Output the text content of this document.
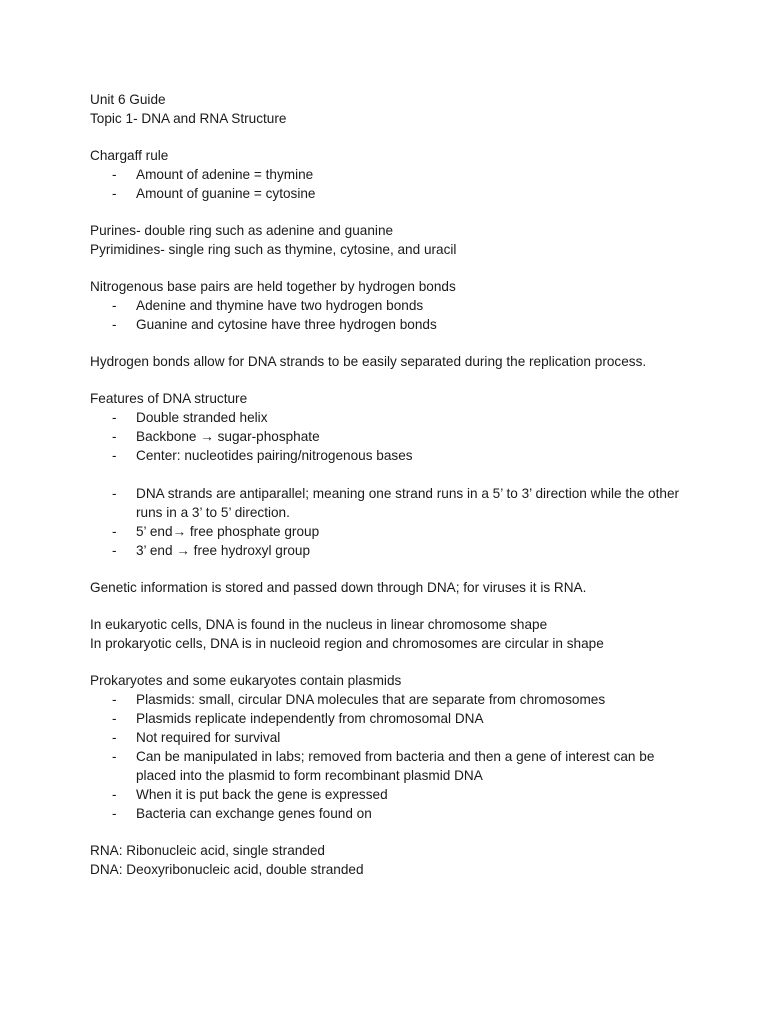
Unit 6 Guide

Topic 1- DNA and RNA Structure

Chargaff rule

- Amount of adenine = thymine
- Amount of guanine = cytosine

Purines- double ring such as adenine and guanine

Pyrimidines- single ring such as thymine, cytosine, and uracil

Nitrogenous base pairs are held together by hydrogen bonds

- Adenine and thymine have two hydrogen bonds
- Guanine and cytosine have three hydrogen bonds

Hydrogen bonds allow for DNA strands to be easily separated during the replication process.

Features of DNA structure

- Double stranded helix
- Backbone → sugar-phosphate
- Center: nucleotides pairing/nitrogenous bases
- DNA strands are antiparallel; meaning one strand runs in a 5’ to 3’ direction while the other runs in a 3’ to 5’ direction.
- 5’ end→ free phosphate group
- 3’ end → free hydroxyl group

Genetic information is stored and passed down through DNA; for viruses it is RNA.

In eukaryotic cells, DNA is found in the nucleus in linear chromosome shape

In prokaryotic cells, DNA is in nucleoid region and chromosomes are circular in shape

Prokaryotes and some eukaryotes contain plasmids

- Plasmids: small, circular DNA molecules that are separate from chromosomes
- Plasmids replicate independently from chromosomal DNA
- Not required for survival
- Can be manipulated in labs; removed from bacteria and then a gene of interest can be placed into the plasmid to form recombinant plasmid DNA
- When it is put back the gene is expressed
- Bacteria can exchange genes found on

RNA: Ribonucleic acid, single stranded

DNA: Deoxyribonucleic acid, double stranded
